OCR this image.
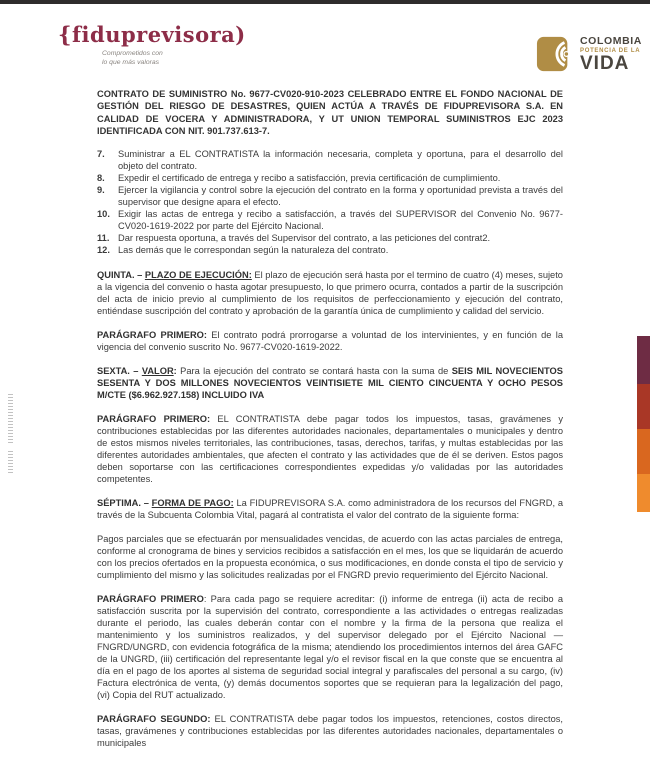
{fiduprevisora)
Comprometidos con
lo que más valoras
COLOMBIA
POTENCIA DE LA
VIDA
CONTRATO DE SUMINISTRO No. 9677-CV020-910-2023 CELEBRADO ENTRE EL FONDO NACIONAL DE GESTIÓN DEL RIESGO DE DESASTRES, QUIEN ACTÚA A TRAVÉS DE FIDUPREVISORA S.A. EN CALIDAD DE VOCERA Y ADMINISTRADORA, Y UT UNION TEMPORAL SUMINISTROS EJC 2023 IDENTIFICADA CON NIT. 901.737.613-7.
7.	Suministrar a EL CONTRATISTA la información necesaria, completa y oportuna, para el desarrollo del objeto del contrato.
8.	Expedir el certificado de entrega y recibo a satisfacción, previa certificación de cumplimiento.
9.	Ejercer la vigilancia y control sobre la ejecución del contrato en la forma y oportunidad prevista a través del supervisor que designe apara el efecto.
10. Exigir las actas de entrega y recibo a satisfacción, a través del SUPERVISOR del Convenio No. 9677-CV020-1619-2022 por parte del Ejército Nacional.
11. Dar respuesta oportuna, a través del Supervisor del contrato, a las peticiones del contrat2.
12. Las demás que le correspondan según la naturaleza del contrato.

QUINTA. – PLAZO DE EJECUCIÓN: El plazo de ejecución será hasta por el termino de cuatro (4) meses, sujeto a la vigencia del convenio o hasta agotar presupuesto, lo que primero ocurra, contados a partir de la suscripción del acta de inicio previo al cumplimiento de los requisitos de perfeccionamiento y ejecución del contrato, entiéndase suscripción del contrato y aprobación de la garantía única de cumplimiento y calidad del servicio.

PARÁGRAFO PRIMERO: El contrato podrá prorrogarse a voluntad de los intervinientes, y en función de la vigencia del convenio suscrito No. 9677-CV020-1619-2022.

SEXTA. – VALOR: Para la ejecución del contrato se contará hasta con la suma de SEIS MIL NOVECIENTOS SESENTA Y DOS MILLONES NOVECIENTOS VEINTISIETE MIL CIENTO CINCUENTA Y OCHO PESOS M/CTE ($6.962.927.158) INCLUIDO IVA

PARÁGRAFO PRIMERO: EL CONTRATISTA debe pagar todos los impuestos, tasas, gravámenes y contribuciones establecidas por las diferentes autoridades nacionales, departamentales o municipales y dentro de estos mismos niveles territoriales, las contribuciones, tasas, derechos, tarifas, y multas establecidas por las diferentes autoridades ambientales, que afecten el contrato y las actividades que de él se deriven. Estos pagos deben soportarse con las certificaciones correspondientes expedidas y/o validadas por las autoridades competentes.

SÉPTIMA. – FORMA DE PAGO: La FIDUPREVISORA S.A. como administradora de los recursos del FNGRD, a través de la Subcuenta Colombia Vital, pagará al contratista el valor del contrato de la siguiente forma:

Pagos parciales que se efectuarán por mensualidades vencidas, de acuerdo con las actas parciales de entrega, conforme al cronograma de bines y servicios recibidos a satisfacción en el mes, los que se liquidarán de acuerdo con los precios ofertados en la propuesta económica, o sus modificaciones, en donde consta el tipo de servicio y cumplimiento del mismo y las solicitudes realizadas por el FNGRD previo requerimiento del Ejército Nacional.

PARÁGRAFO PRIMERO: Para cada pago se requiere acreditar: (i) informe de entrega (ii) acta de recibo a satisfacción suscrita por la supervisión del contrato, correspondiente a las actividades o entregas realizadas durante el periodo, las cuales deberán contar con el nombre y la firma de la persona que realiza el mantenimiento y los suministros realizados, y del supervisor delegado por el Ejército Nacional — FNGRD/UNGRD, con evidencia fotográfica de la misma; atendiendo los procedimientos internos del área GAFC de la UNGRD, (iii) certificación del representante legal y/o el revisor fiscal en la que conste que se encuentra al día en el pago de los aportes al sistema de seguridad social integral y parafiscales del personal a su cargo, (iv) Factura electrónica de venta, (y) demás documentos soportes que se requieran para la legalización del pago, (vi) Copia del RUT actualizado.

PARÁGRAFO SEGUNDO: EL CONTRATISTA debe pagar todos los impuestos, retenciones, costos directos, tasas, gravámenes y contribuciones establecidas por las diferentes autoridades nacionales, departamentales o municipales
